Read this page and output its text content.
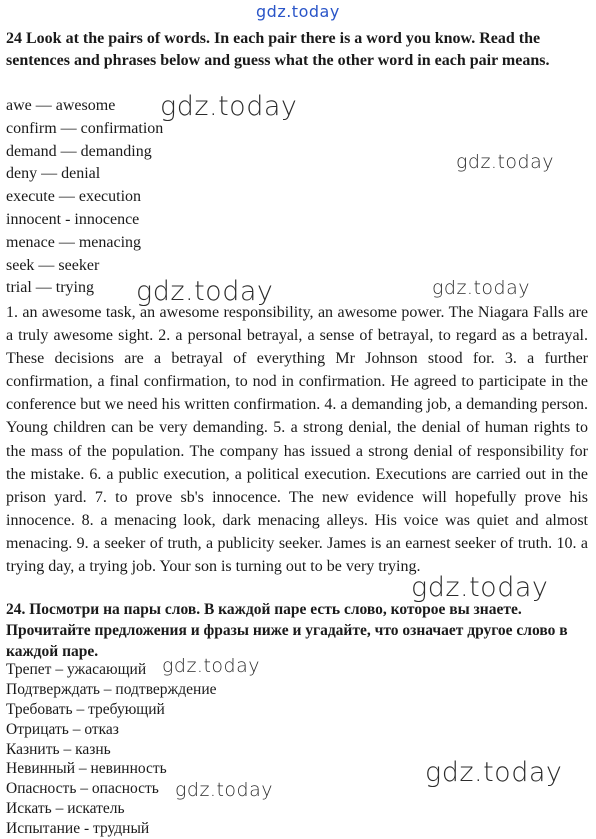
gdz.today

24 Look at the pairs of words. In each pair there is a word you know. Read the sentences and phrases below and guess what the other word in each pair means.

awe — awesome
confirm — confirmation
demand — demanding
deny — denial
execute — execution
innocent - innocence
menace — menacing
seek — seeker
trial — trying

1. an awesome task, an awesome responsibility, an awesome power. The Niagara Falls are a truly awesome sight. 2. a personal betrayal, a sense of betrayal, to regard as a betrayal. These decisions are a betrayal of everything Mr Johnson stood for. 3. a further confirmation, a final confirmation, to nod in confirmation. He agreed to participate in the conference but we need his written confirmation. 4. a demanding job, a demanding person. Young children can be very demanding. 5. a strong denial, the denial of human rights to the mass of the population. The company has issued a strong denial of responsibility for the mistake. 6. a public execution, a political execution. Executions are carried out in the prison yard. 7. to prove sb's innocence. The new evidence will hopefully prove his innocence. 8. a menacing look, dark menacing alleys. His voice was quiet and almost menacing. 9. a seeker of truth, a publicity seeker. James is an earnest seeker of truth. 10. a trying day, a trying job. Your son is turning out to be very trying.

24. Посмотри на пары слов. В каждой паре есть слово, которое вы знаете. Прочитайте предложения и фразы ниже и угадайте, что означает другое слово в каждой паре.

Трепет – ужасающий
Подтверждать – подтверждение
Требовать – требующий
Отрицать – отказ
Казнить – казнь
Невинный – невинность
Опасность – опасность
Искать – искатель
Испытание - трудный
gdz.today
gdz.today
gdz.today	gdz.today
gdz.today
gdz.today
gdz.today
gdz.today
